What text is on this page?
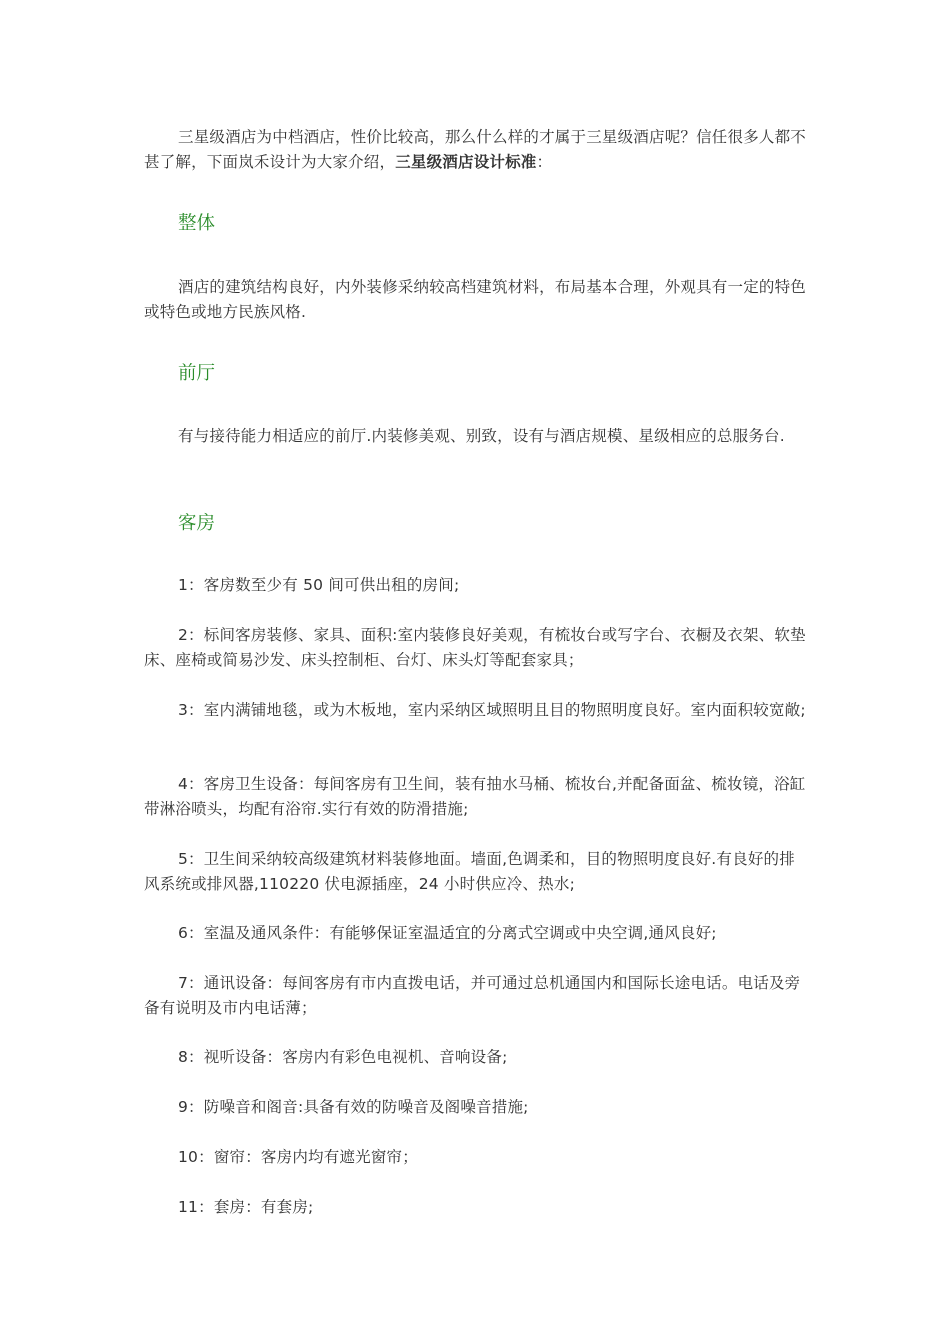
三星级酒店为中档酒店，性价比较高，那么什么样的才属于三星级酒店呢？信任很多人都不甚了解，下面岚禾设计为大家介绍，三星级酒店设计标准：

整体

酒店的建筑结构良好，内外装修采纳较高档建筑材料，布局基本合理，外观具有一定的特色或特色或地方民族风格.

前厅

有与接待能力相适应的前厅.内装修美观、别致，设有与酒店规模、星级相应的总服务台.

客房

1：客房数至少有 50 间可供出租的房间;

2：标间客房装修、家具、面积:室内装修良好美观，有梳妆台或写字台、衣橱及衣架、软垫床、座椅或简易沙发、床头控制柜、台灯、床头灯等配套家具；

3：室内满铺地毯，或为木板地，室内采纳区域照明且目的物照明度良好。室内面积较宽敞;

4：客房卫生设备：每间客房有卫生间，装有抽水马桶、梳妆台,并配备面盆、梳妆镜，浴缸带淋浴喷头，均配有浴帘.实行有效的防滑措施;

5：卫生间采纳较高级建筑材料装修地面。墙面,色调柔和，目的物照明度良好.有良好的排风系统或排风器,110220 伏电源插座，24 小时供应冷、热水;

6：室温及通风条件：有能够保证室温适宜的分离式空调或中央空调,通风良好;

7：通讯设备：每间客房有市内直拨电话，并可通过总机通国内和国际长途电话。电话及旁备有说明及市内电话薄；

8：视听设备：客房内有彩色电视机、音响设备;

9：防噪音和阁音:具备有效的防噪音及阁噪音措施;

10：窗帘：客房内均有遮光窗帘；

11：套房：有套房;
